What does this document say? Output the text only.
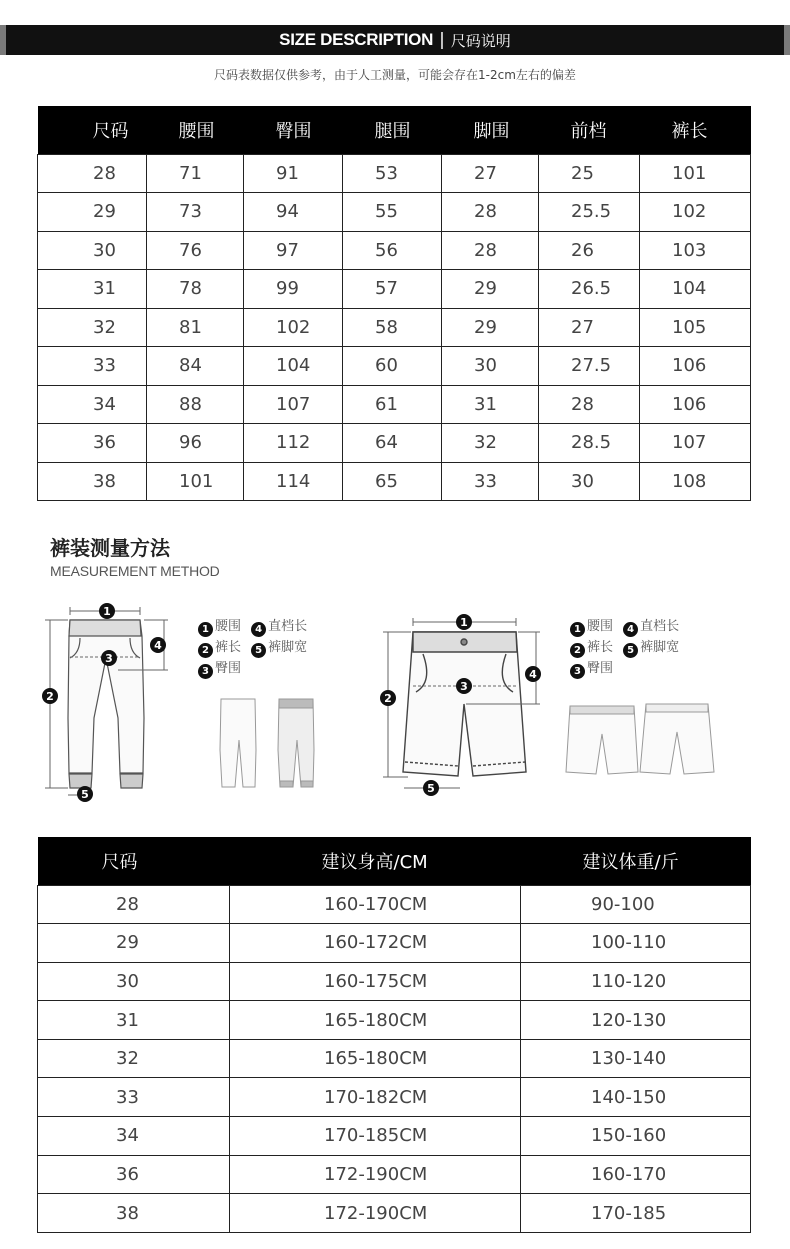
SIZE DESCRIPTION | 尺码说明
尺码表数据仅供参考，由于人工测量，可能会存在1-2cm左右的偏差
尺码	腰围	臀围	腿围	脚围	前档	裤长
28	71	91	53	27	25	101
29	73	94	55	28	25.5	102
30	76	97	56	28	26	103
31	78	99	57	29	26.5	104
32	81	102	58	29	27	105
33	84	104	60	30	27.5	106
34	88	107	61	31	28	106
36	96	112	64	32	28.5	107
38	101	114	65	33	30	108
裤装测量方法
MEASUREMENT METHOD
1
2
3
4
5
1 腰围 4 直档长
2 裤长 5 裤脚宽
3 臀围
1
2
3
4
5
1 腰围 4 直档长
2 裤长 5 裤脚宽
3 臀围
尺码	建议身高/CM	建议体重/斤
28	160-170CM	90-100
29	160-172CM	100-110
30	160-175CM	110-120
31	165-180CM	120-130
32	165-180CM	130-140
33	170-182CM	140-150
34	170-185CM	150-160
36	172-190CM	160-170
38	172-190CM	170-185
